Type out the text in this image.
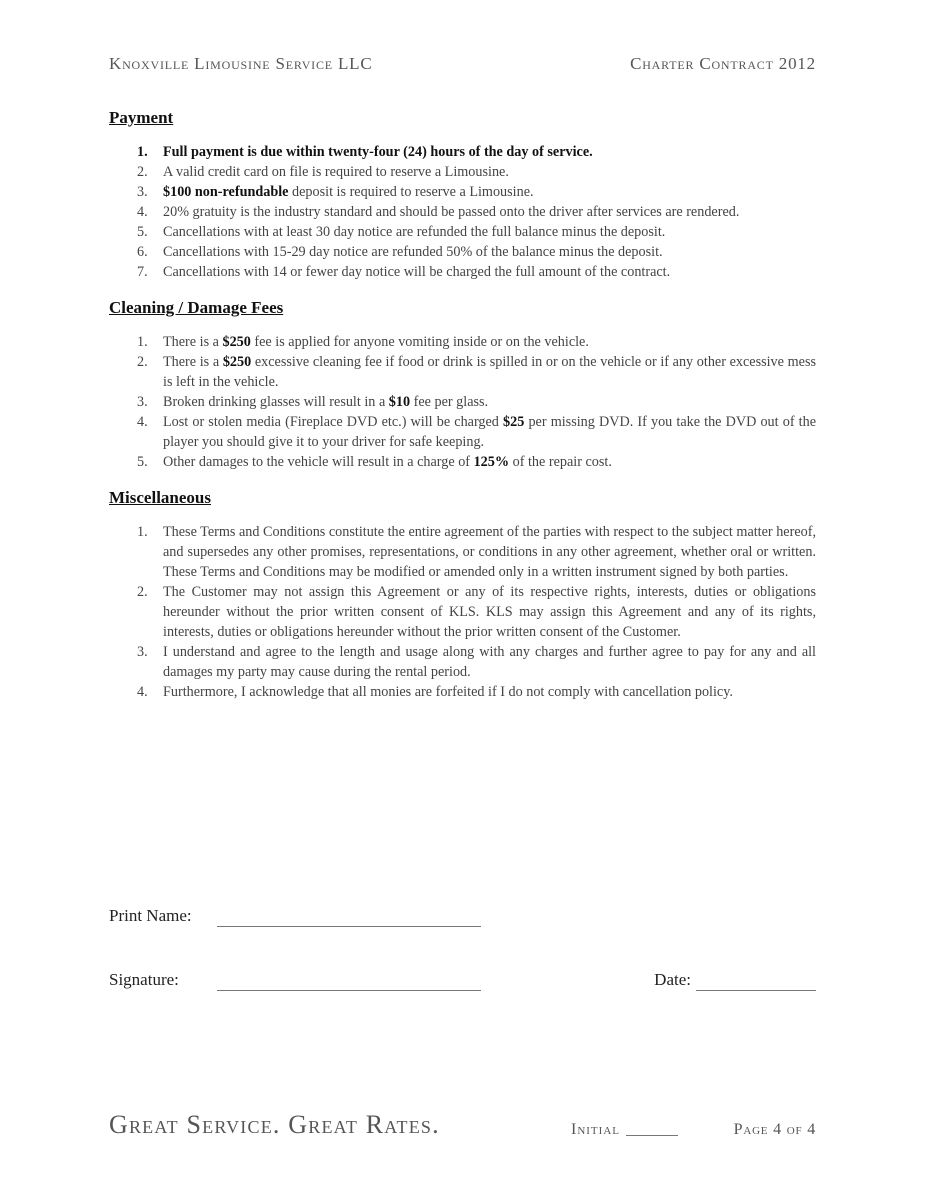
Knoxville Limousine Service LLC	Charter Contract 2012

Payment

1.	Full payment is due within twenty-four (24) hours of the day of service.
2.	A valid credit card on file is required to reserve a Limousine.
3.	$100 non-refundable deposit is required to reserve a Limousine.
4.	20% gratuity is the industry standard and should be passed onto the driver after services are rendered.
5.	Cancellations with at least 30 day notice are refunded the full balance minus the deposit.
6.	Cancellations with 15-29 day notice are refunded 50% of the balance minus the deposit.
7.	Cancellations with 14 or fewer day notice will be charged the full amount of the contract.

Cleaning / Damage Fees

1.	There is a $250 fee is applied for anyone vomiting inside or on the vehicle.
2.	There is a $250 excessive cleaning fee if food or drink is spilled in or on the vehicle or if any other excessive mess is left in the vehicle.
3.	Broken drinking glasses will result in a $10 fee per glass.
4.	Lost or stolen media (Fireplace DVD etc.) will be charged $25 per missing DVD. If you take the DVD out of the player you should give it to your driver for safe keeping.
5.	Other damages to the vehicle will result in a charge of 125% of the repair cost.

Miscellaneous

1.	These Terms and Conditions constitute the entire agreement of the parties with respect to the subject matter hereof, and supersedes any other promises, representations, or conditions in any other agreement, whether oral or written. These Terms and Conditions may be modified or amended only in a written instrument signed by both parties.
2.	The Customer may not assign this Agreement or any of its respective rights, interests, duties or obligations hereunder without the prior written consent of KLS. KLS may assign this Agreement and any of its rights, interests, duties or obligations hereunder without the prior written consent of the Customer.
3.	I understand and agree to the length and usage along with any charges and further agree to pay for any and all damages my party may cause during the rental period.
4.	Furthermore, I acknowledge that all monies are forfeited if I do not comply with cancellation policy.
Print Name:
Signature:	Date:
Great Service. Great Rates.	Initial	Page 4 of 4
